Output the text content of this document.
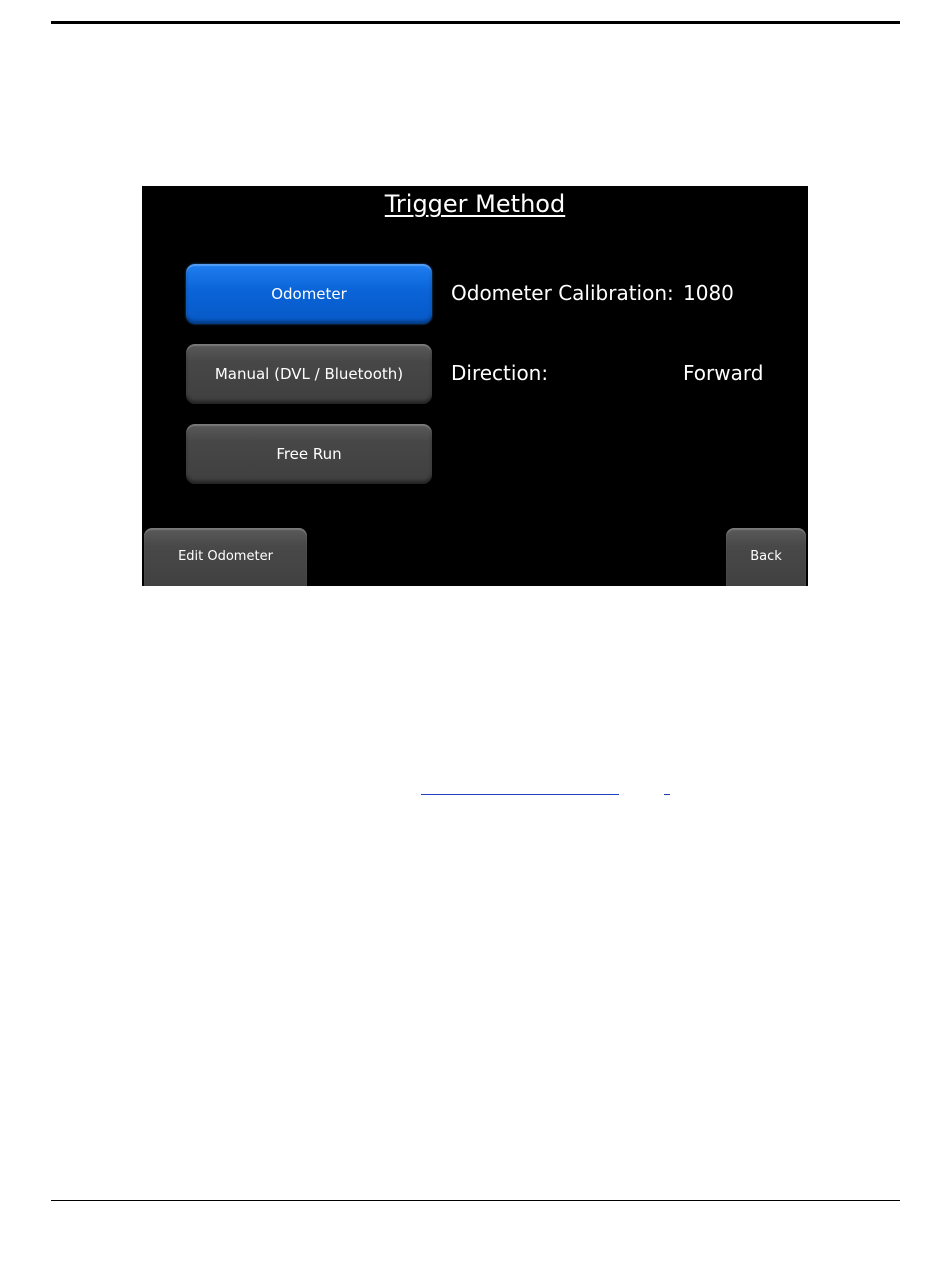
Trigger Method
Odometer
Manual (DVL / Bluetooth)
Free Run
Odometer Calibration: 1080
Direction:	Forward
Edit Odometer	Back
